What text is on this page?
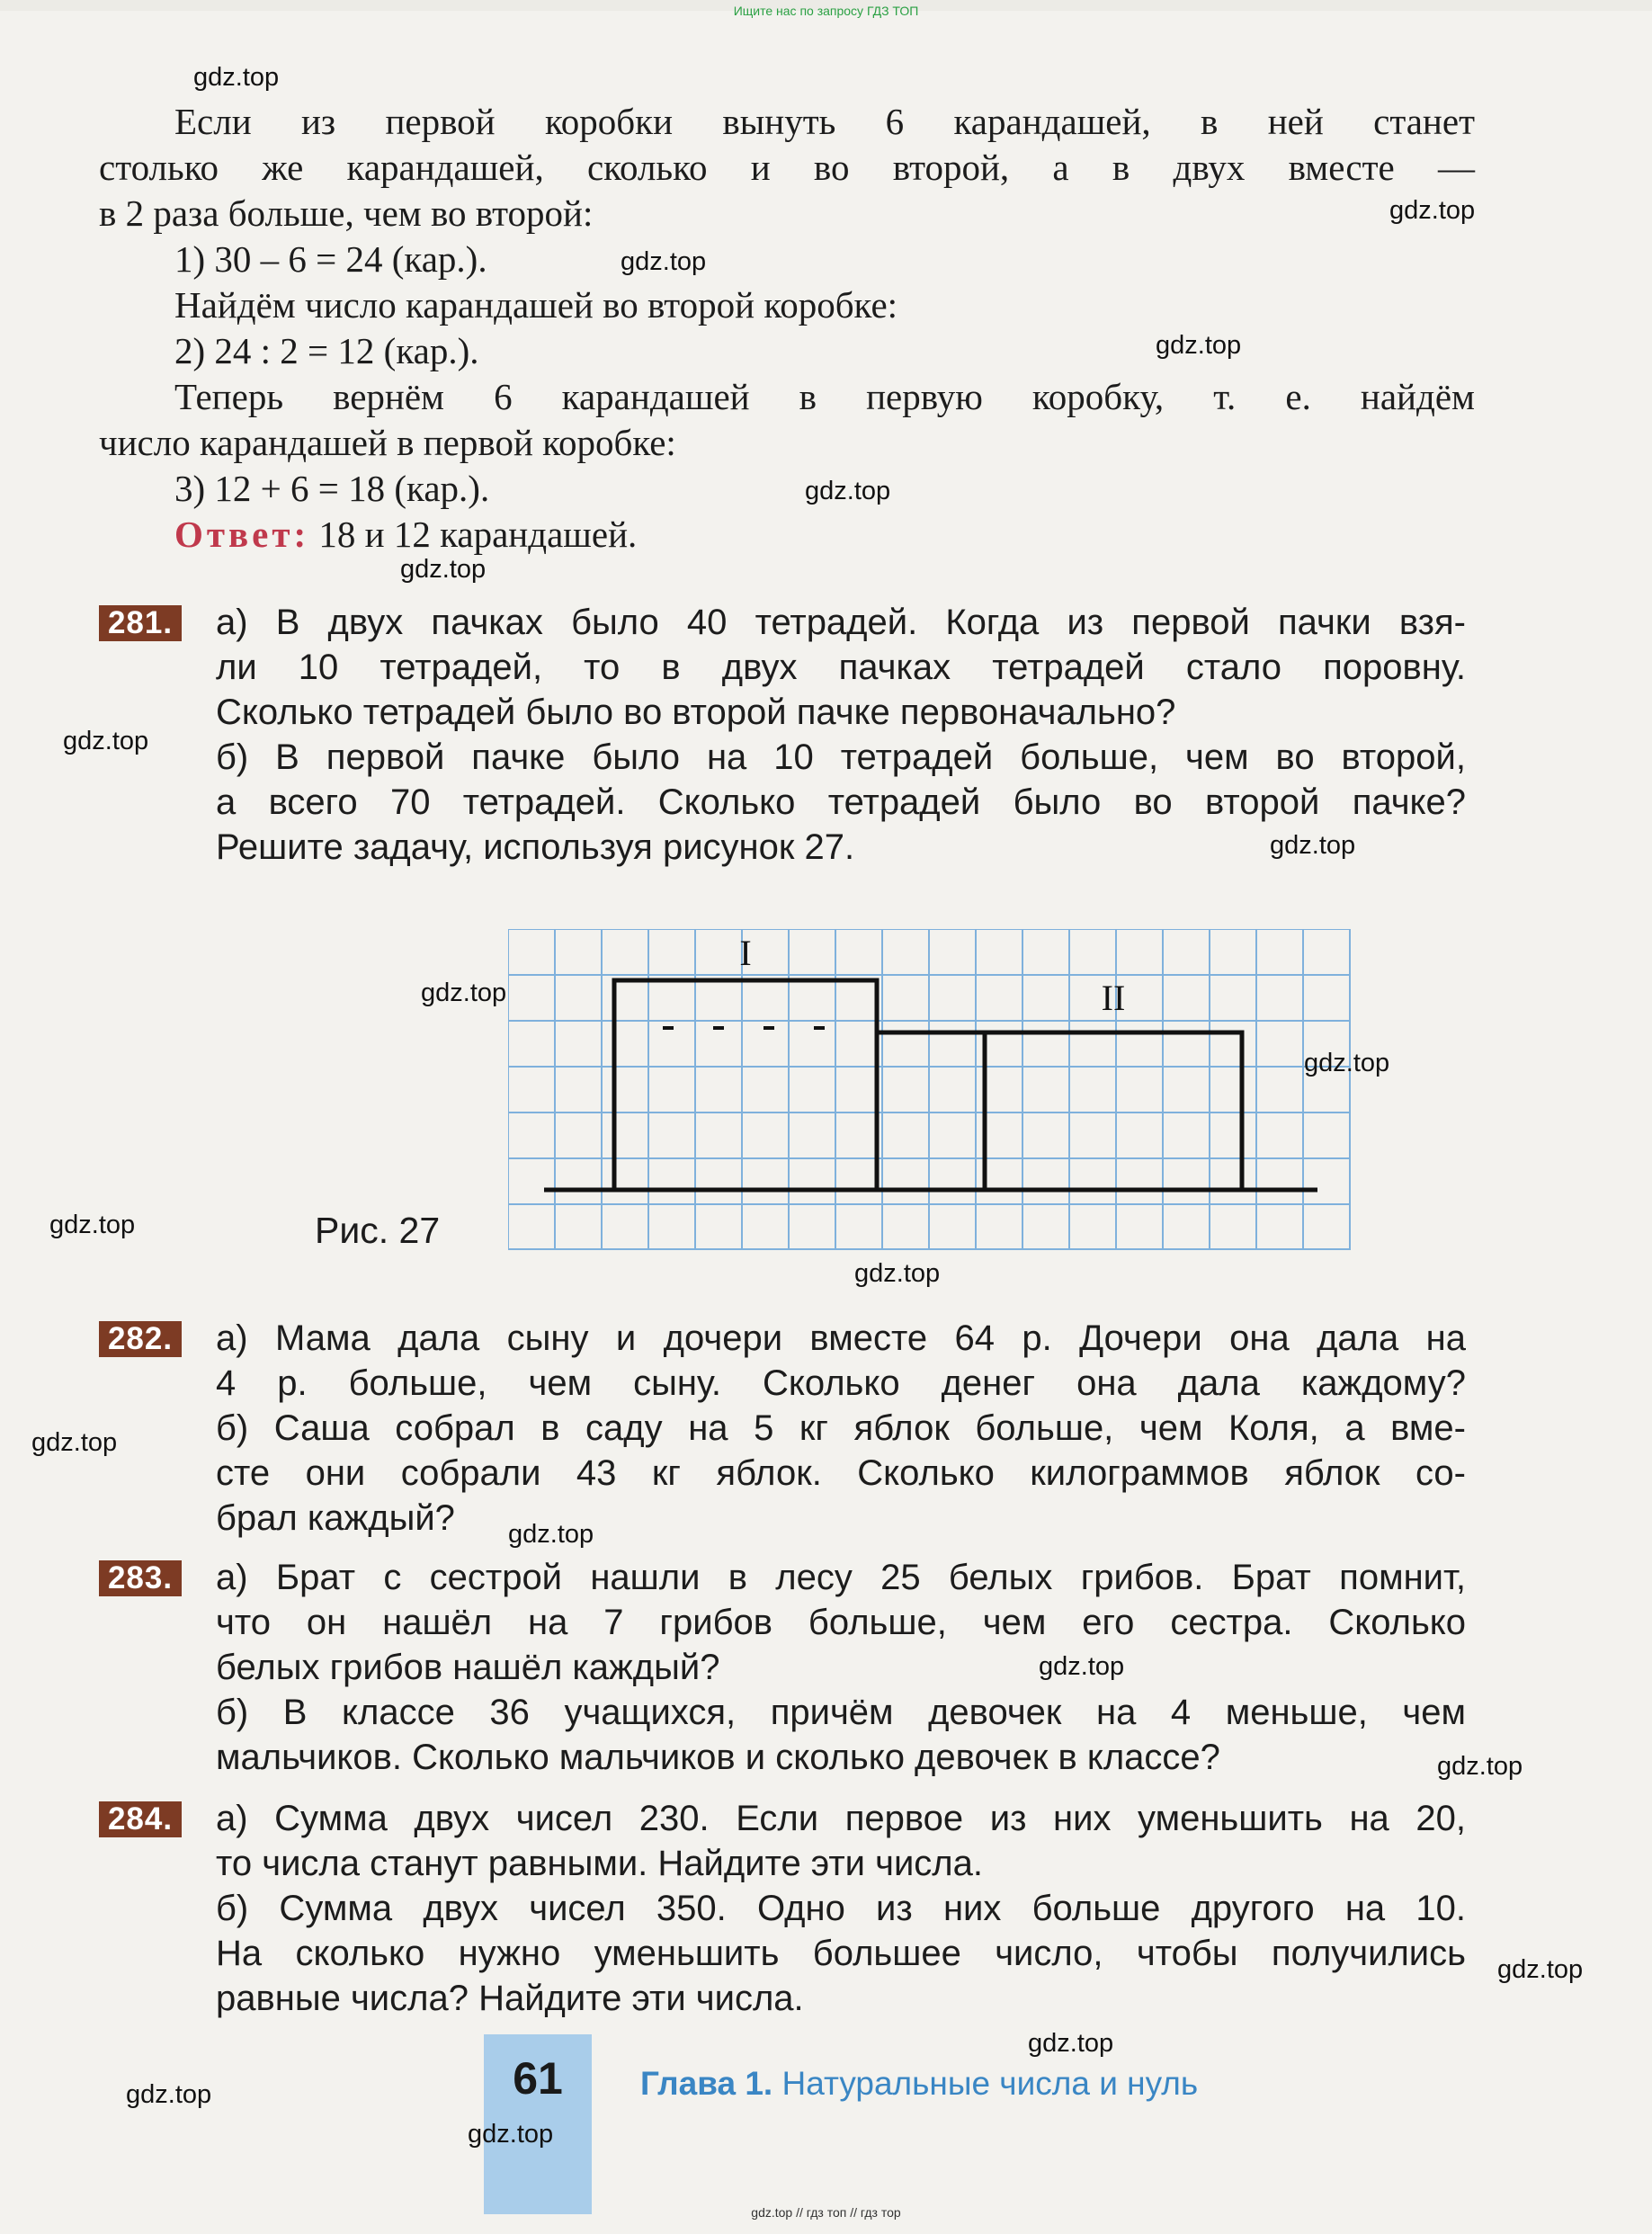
Ищите нас по запросу ГДЗ ТОП
Если из первой коробки вынуть 6 карандашей, в ней станет
столько же карандашей, сколько и во второй, а в двух вместе —
в 2 раза больше, чем во второй:
1) 30 – 6 = 24 (кар.).
Найдём число карандашей во второй коробке:
2) 24 : 2 = 12 (кар.).
Теперь вернём 6 карандашей в первую коробку, т. е. найдём
число карандашей в первой коробке:
3) 12 + 6 = 18 (кар.).
Ответ: 18 и 12 карандашей.
281. а) В двух пачках было 40 тетрадей. Когда из первой пачки взя-
ли 10 тетрадей, то в двух пачках тетрадей стало поровну.
Сколько тетрадей было во второй пачке первоначально?
б) В первой пачке было на 10 тетрадей больше, чем во второй,
а всего 70 тетрадей. Сколько тетрадей было во второй пачке?
Решите задачу, используя рисунок 27.
I
II
Рис. 27
282. а) Мама дала сыну и дочери вместе 64 р. Дочери она дала на
4 р. больше, чем сыну. Сколько денег она дала каждому?
б) Саша собрал в саду на 5 кг яблок больше, чем Коля, а вме-
сте они собрали 43 кг яблок. Сколько килограммов яблок со-
брал каждый?
283. а) Брат с сестрой нашли в лесу 25 белых грибов. Брат помнит,
что он нашёл на 7 грибов больше, чем его сестра. Сколько
белых грибов нашёл каждый?
б) В классе 36 учащихся, причём девочек на 4 меньше, чем
мальчиков. Сколько мальчиков и сколько девочек в классе?
284. а) Сумма двух чисел 230. Если первое из них уменьшить на 20,
то числа станут равными. Найдите эти числа.
б) Сумма двух чисел 350. Одно из них больше другого на 10.
На сколько нужно уменьшить большее число, чтобы получились
равные числа? Найдите эти числа.
61	Глава 1. Натуральные числа и нуль
gdz.top // гдз топ // гдз тор
gdz.top
gdz.top
gdz.top
gdz.top
gdz.top
gdz.top
gdz.top
gdz.top
gdz.top
gdz.top
gdz.top
gdz.top
gdz.top
gdz.top
gdz.top
gdz.top
gdz.top
gdz.top
gdz.top
gdz.top
